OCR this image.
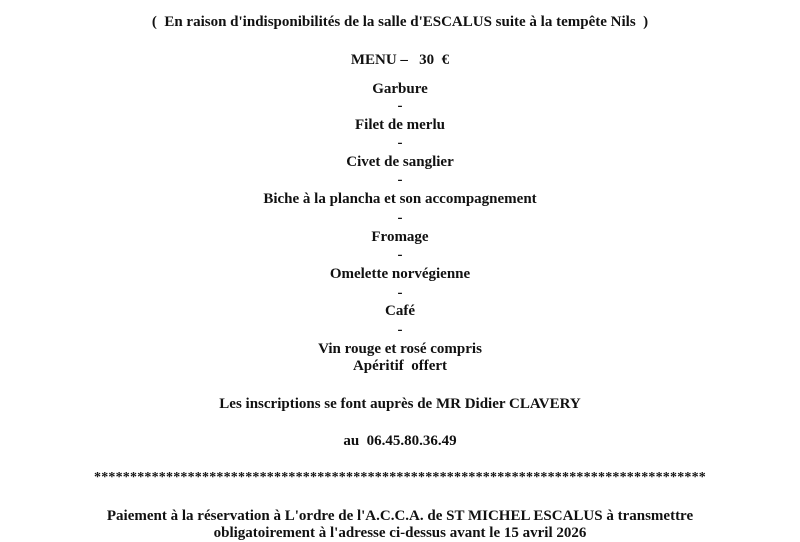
(  En raison d'indisponibilités de la salle d'ESCALUS suite à la tempête Nils  )
MENU –   30  €
Garbure
-
Filet de merlu
-
Civet de sanglier
-
Biche à la plancha et son accompagnement
-
Fromage
-
Omelette norvégienne
-
Café
-
Vin rouge et rosé compris
Apéritif  offert
Les inscriptions se font auprès de MR Didier CLAVERY
au  06.45.80.36.49
*************************************************************************************
Paiement à la réservation à L'ordre de l'A.C.C.A. de ST MICHEL ESCALUS à transmettre
obligatoirement à l'adresse ci-dessus avant le 15 avril 2026
